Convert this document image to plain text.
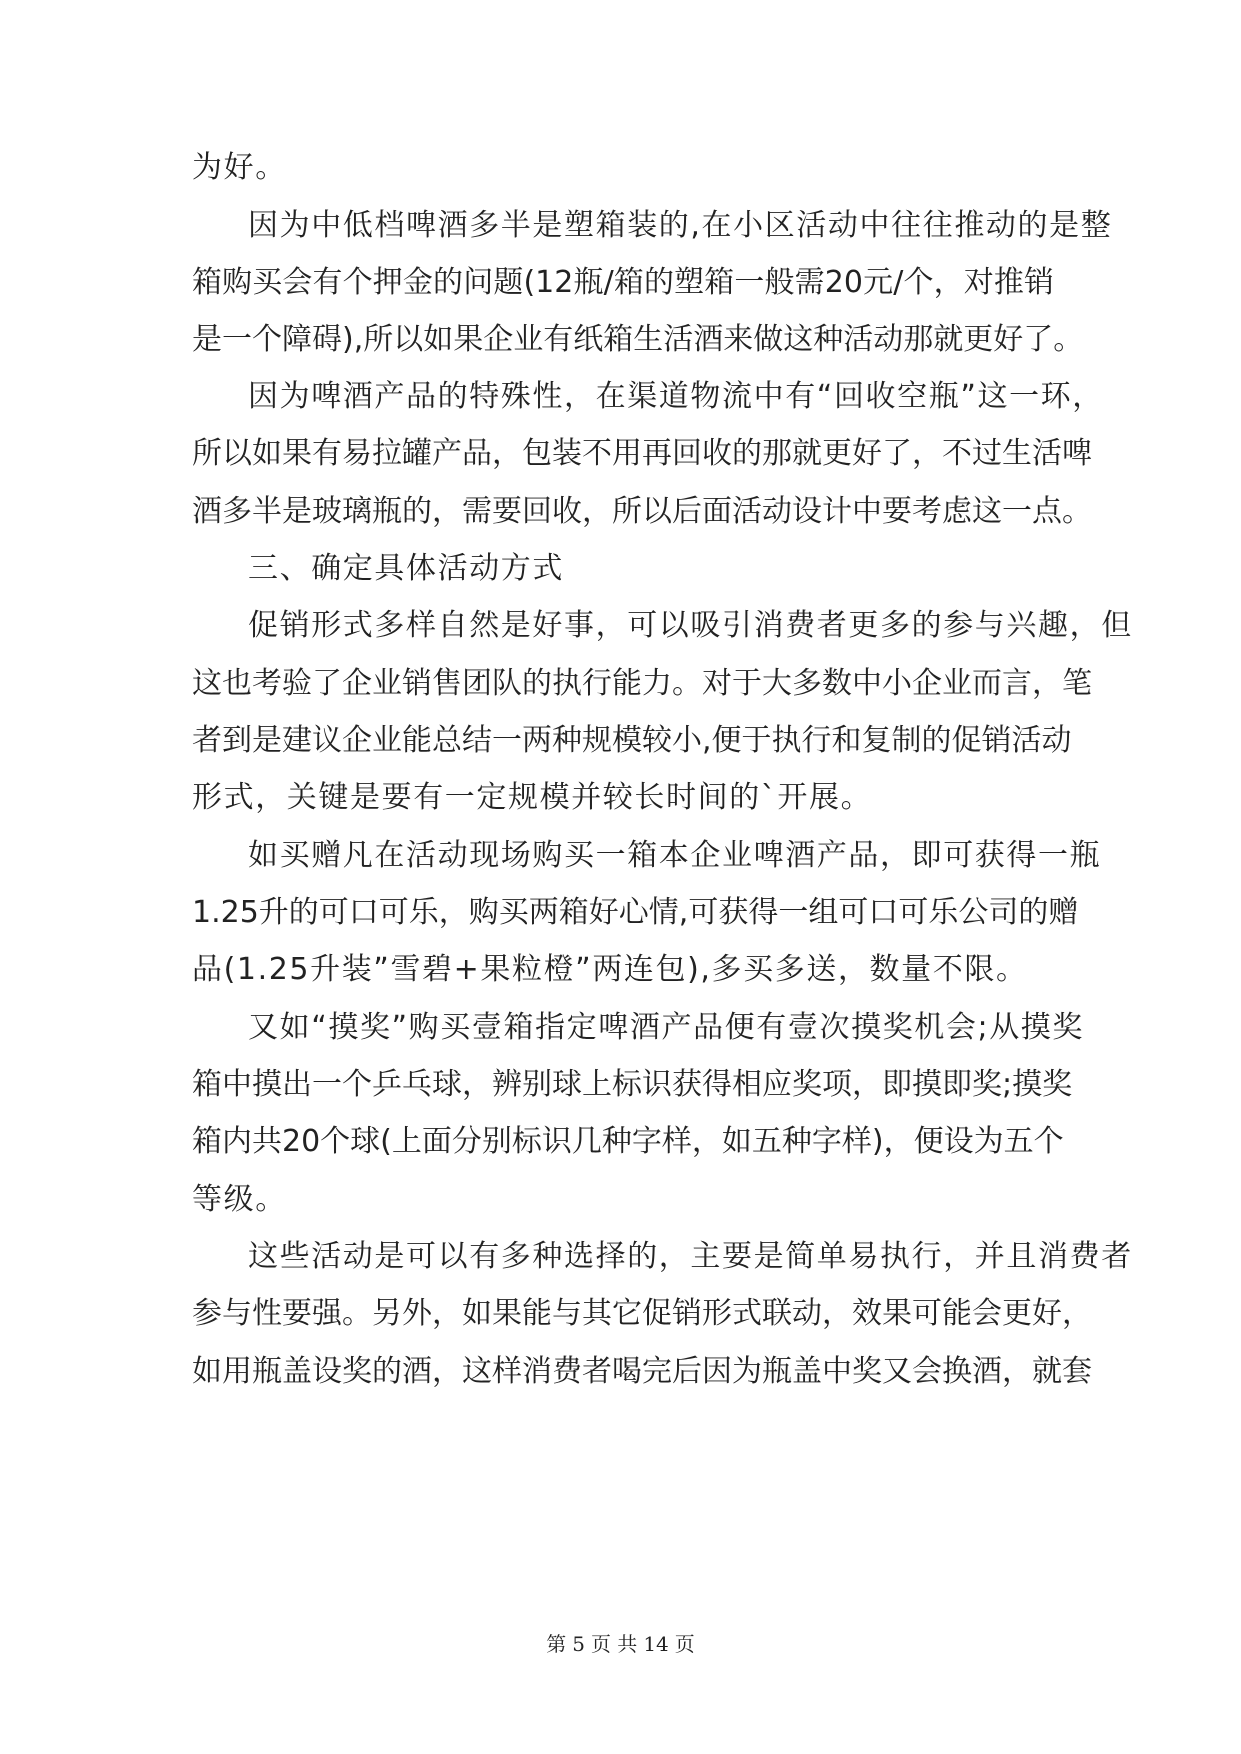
为好。
因为中低档啤酒多半是塑箱装的,在小区活动中往往推动的是整
箱购买会有个押金的问题(12瓶/箱的塑箱一般需20元/个，对推销
是一个障碍),所以如果企业有纸箱生活酒来做这种活动那就更好了。
因为啤酒产品的特殊性，在渠道物流中有“回收空瓶”这一环，
所以如果有易拉罐产品，包装不用再回收的那就更好了，不过生活啤
酒多半是玻璃瓶的，需要回收，所以后面活动设计中要考虑这一点。
三、确定具体活动方式
促销形式多样自然是好事，可以吸引消费者更多的参与兴趣，但
这也考验了企业销售团队的执行能力。对于大多数中小企业而言，笔
者到是建议企业能总结一两种规模较小,便于执行和复制的促销活动
形式，关键是要有一定规模并较长时间的`开展。
如买赠凡在活动现场购买一箱本企业啤酒产品，即可获得一瓶
1.25升的可口可乐，购买两箱好心情,可获得一组可口可乐公司的赠
品(1.25升装”雪碧+果粒橙”两连包),多买多送，数量不限。
又如“摸奖”购买壹箱指定啤酒产品便有壹次摸奖机会;从摸奖
箱中摸出一个乒乓球，辨别球上标识获得相应奖项，即摸即奖;摸奖
箱内共20个球(上面分别标识几种字样，如五种字样)，便设为五个
等级。
这些活动是可以有多种选择的，主要是简单易执行，并且消费者
参与性要强。另外，如果能与其它促销形式联动，效果可能会更好，
如用瓶盖设奖的酒，这样消费者喝完后因为瓶盖中奖又会换酒，就套
第 5 页 共 14 页
